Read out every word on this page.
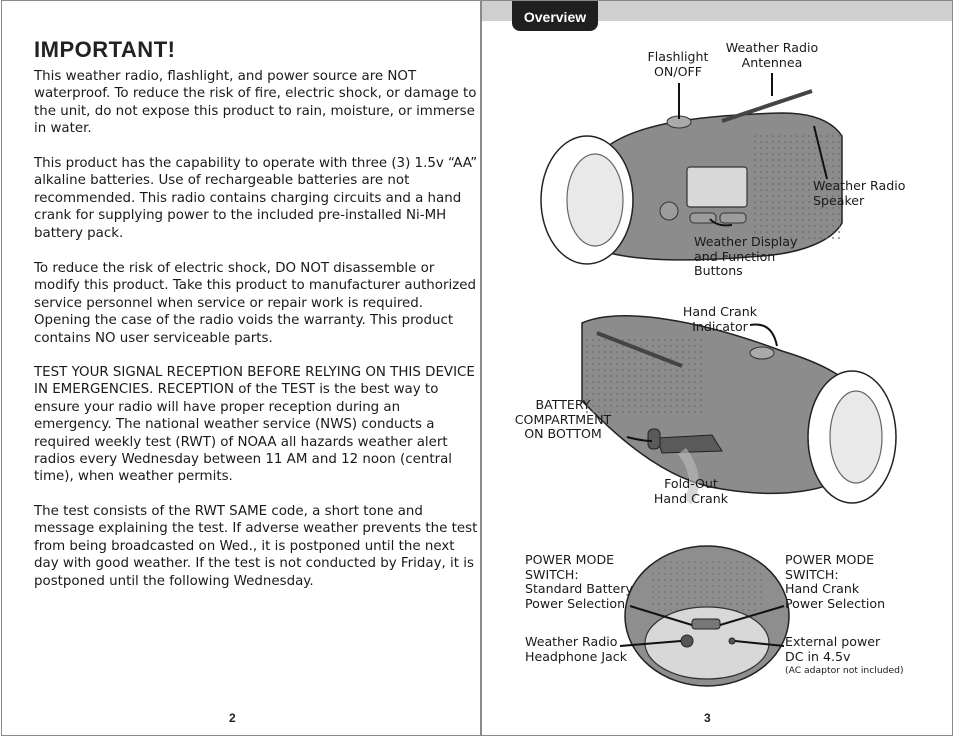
IMPORTANT!

This weather radio, flashlight, and power source are NOT waterproof. To reduce the risk of fire, electric shock, or damage to the unit, do not expose this product to rain, moisture, or immerse in water.

This product has the capability to operate with three (3) 1.5v “AA” alkaline batteries. Use of rechargeable batteries are not recommended. This radio contains charging circuits and a hand crank for supplying power to the included pre-installed Ni-MH battery pack.

To reduce the risk of electric shock, DO NOT disassemble or modify this product. Take this product to manufacturer authorized service personnel when service or repair work is required. Opening the case of the radio voids the warranty. This product contains NO user serviceable parts.

TEST YOUR SIGNAL RECEPTION BEFORE RELYING ON THIS DEVICE IN EMERGENCIES. RECEPTION of the TEST is the best way to ensure your radio will have proper reception during an emergency. The national weather service (NWS) conducts a required weekly test (RWT) of NOAA all hazards weather alert radios every Wednesday between 11 AM and 12 noon (central time), when weather permits.

The test consists of the RWT SAME code, a short tone and message explaining the test. If adverse weather prevents the test from being broadcasted on Wed., it is postponed until the next day with good weather. If the test is not conducted by Friday, it is postponed until the following Wednesday.

2
Overview
Flashlight
ON/OFF
Weather Radio
Antennea
Weather Radio
Speaker
Weather Display
and Function
Buttons
Hand Crank
Indicator
BATTERY
COMPARTMENT
ON BOTTOM
Fold-Out
Hand Crank
POWER MODE
SWITCH:
Standard Battery
Power Selection
POWER MODE
SWITCH:
Hand Crank
Power Selection
Weather Radio
Headphone Jack
External power
DC in 4.5v
(AC adaptor not included)
3
